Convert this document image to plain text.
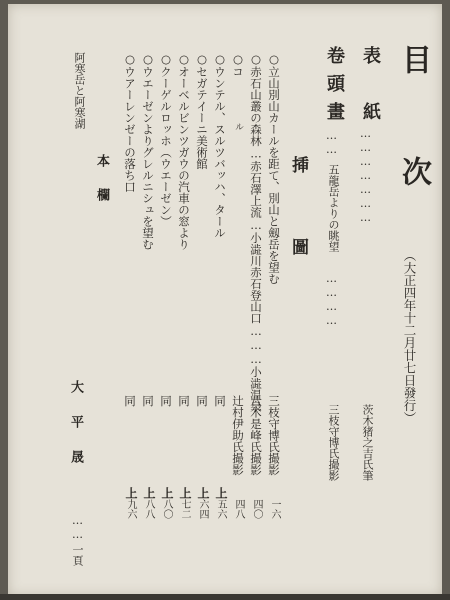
目　次
（大正四年十二月廿七日發行）
表　紙
…………………
茨木猪之吉氏筆
卷頭畫
……
五龍岳よりの眺望
…………
三枝守博氏撮影
揷　圖
○立山別山カールを距て、別山と劔岳を望む
三枝守博氏撮影
一六
○赤石山叢の森林…赤石澤上流…小澁川赤石登山口………小澁温泉
八木是峰氏撮影
四〇
○コ
ル
辻村伊助氏撮影
四八
○ウンテル、スルツバッハ、タール
同
五六
○セガテイーニ美術館
同
六四
○オーベルビンツガウの汽車の窓より
同
七二
○クーゲルロッホ（ウエーゼン）
同
八〇
○ウエーゼンよりグレルニシュを望む
同
八八
○ウアーレンゼーの落ち口
同
九六
上 上 上 上 上 上
本　欄
阿寒岳と阿寒湖
大平晟
……
一頁
